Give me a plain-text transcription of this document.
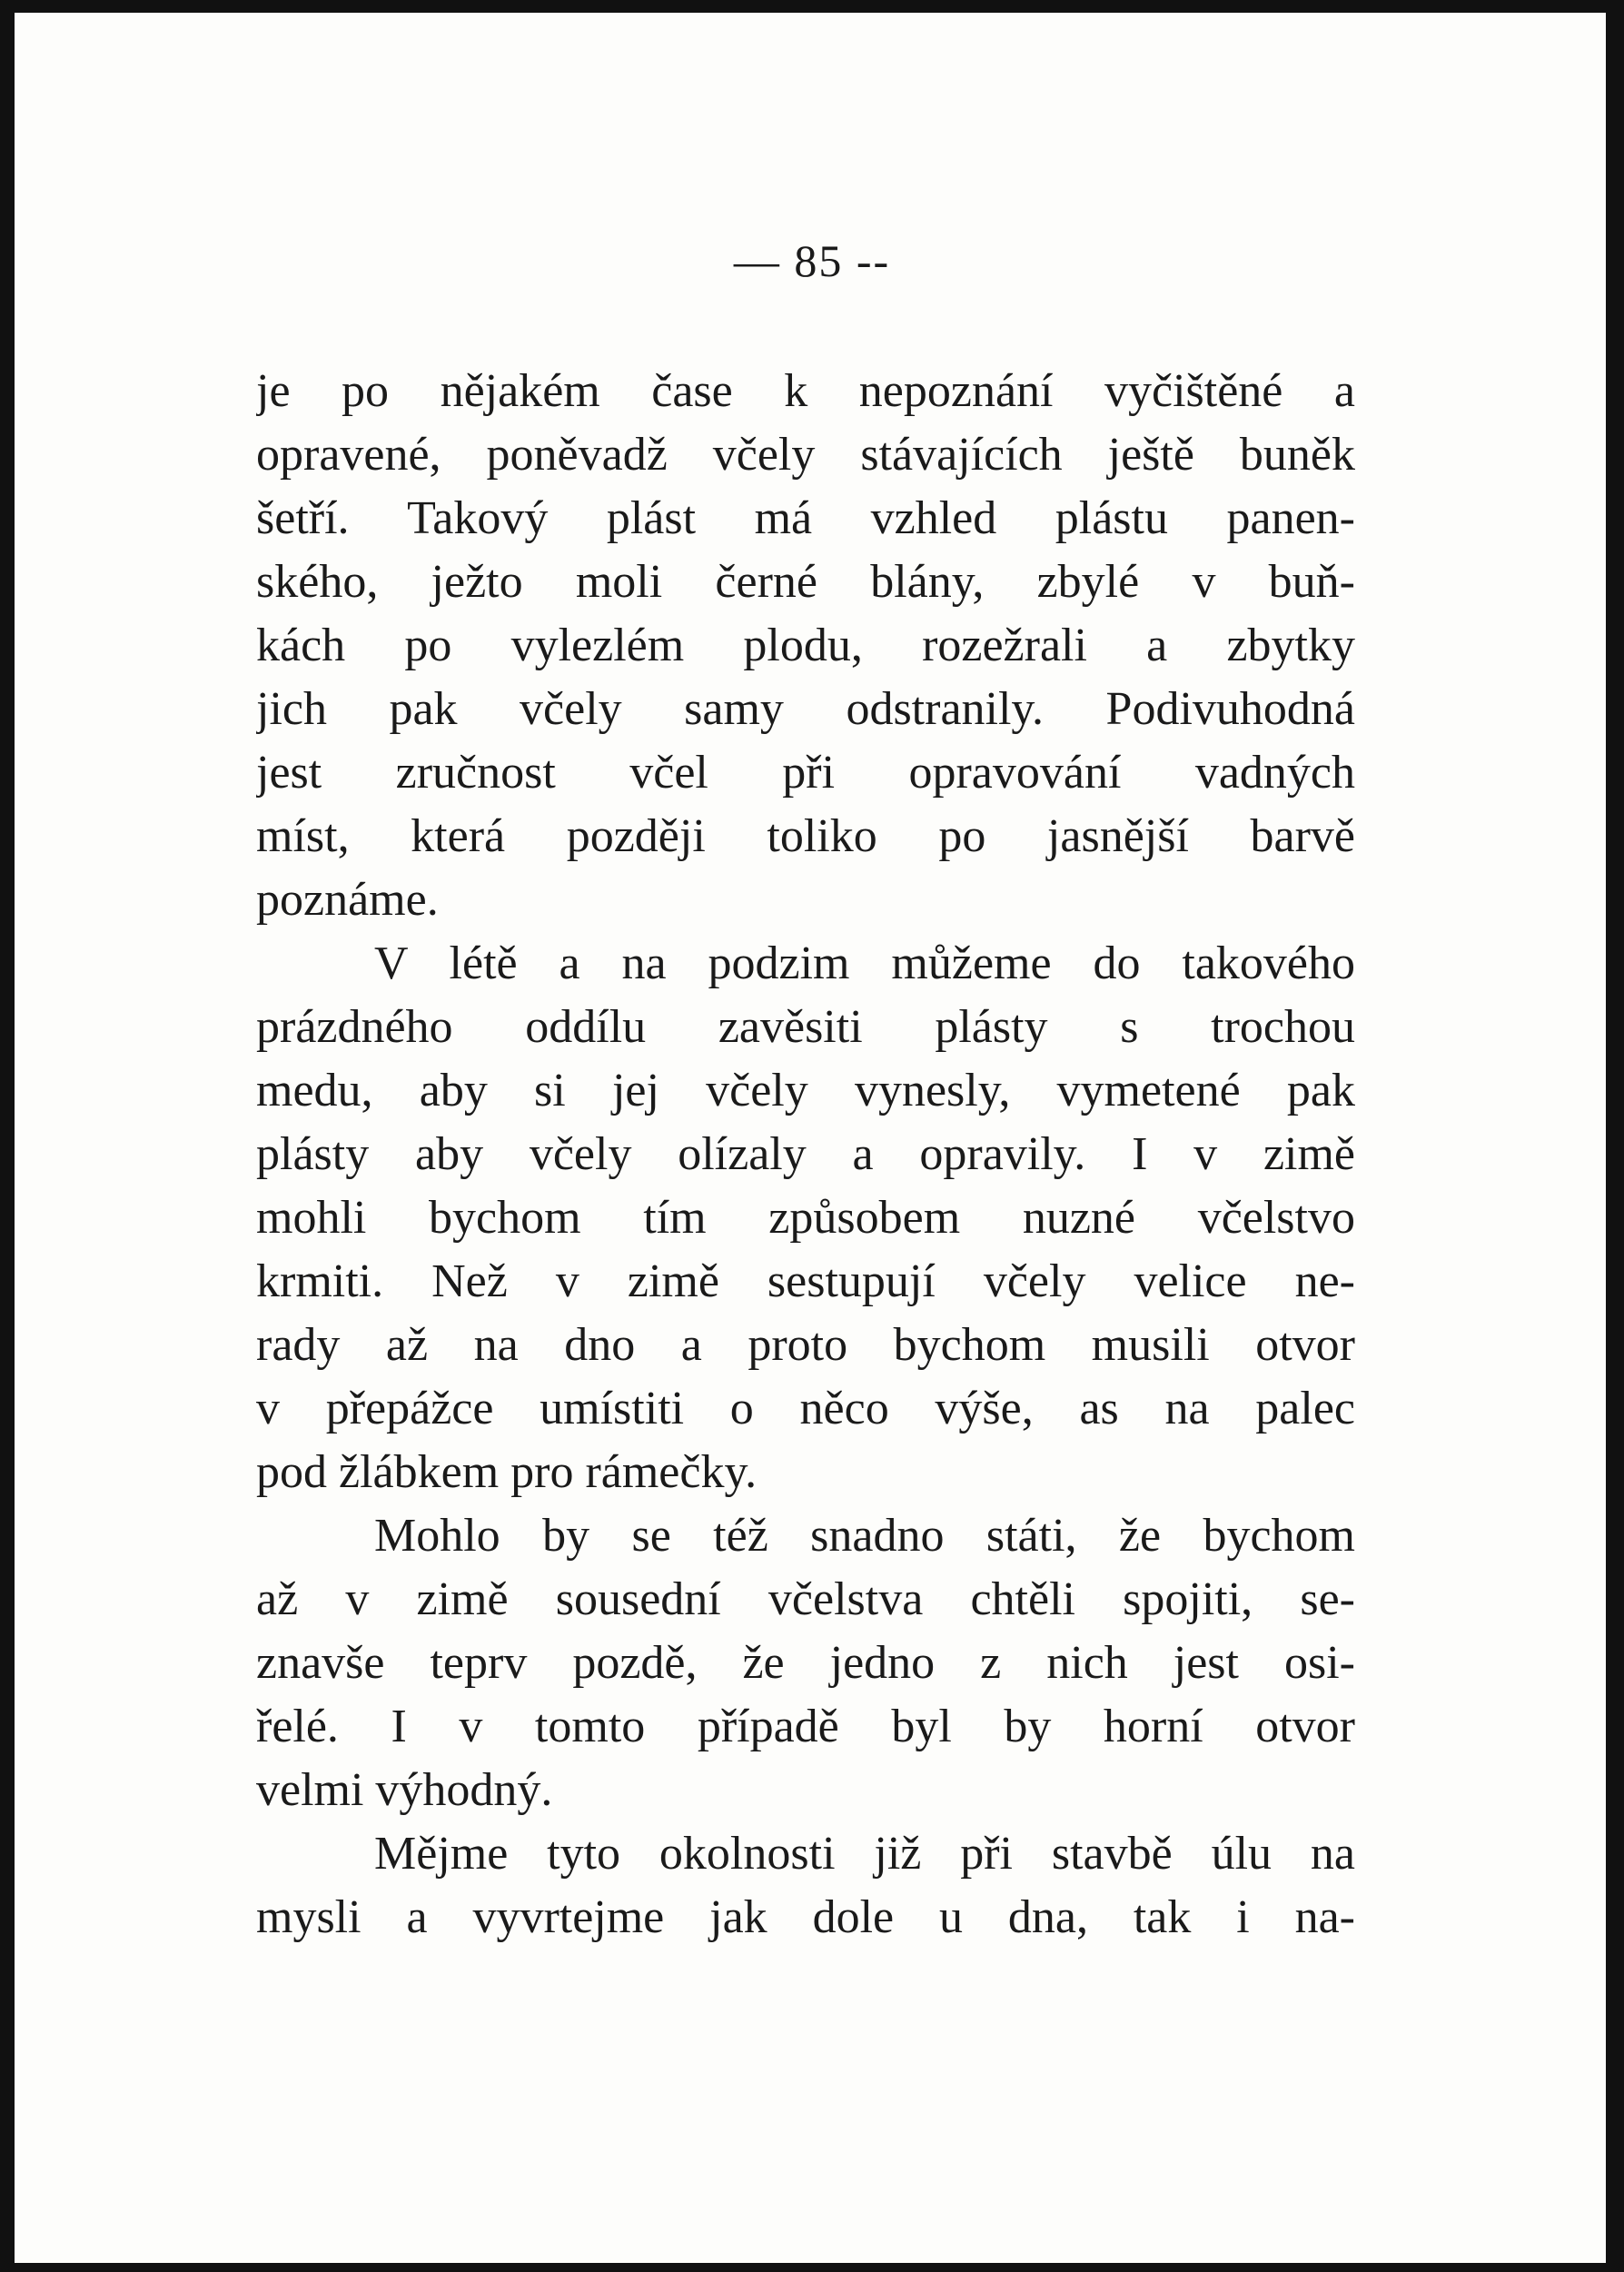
— 85 --
je po nějakém čase k nepoznání vyčištěné a
opravené, poněvadž včely stávajících ještě buněk
šetří. Takový plást má vzhled plástu panen-
ského, ježto moli černé blány, zbylé v buň-
kách po vylezlém plodu, rozežrali a zbytky
jich pak včely samy odstranily. Podivuhodná
jest zručnost včel při opravování vadných
míst, která později toliko po jasnější barvě
poznáme.
V létě a na podzim můžeme do takového
prázdného oddílu zavěsiti plásty s trochou
medu, aby si jej včely vynesly, vymetené pak
plásty aby včely olízaly a opravily. I v zimě
mohli bychom tím způsobem nuzné včelstvo
krmiti. Než v zimě sestupují včely velice ne-
rady až na dno a proto bychom musili otvor
v přepážce umístiti o něco výše, as na palec
pod žlábkem pro rámečky.
Mohlo by se též snadno státi, že bychom
až v zimě sousední včelstva chtěli spojiti, se-
znavše teprv pozdě, že jedno z nich jest osi-
řelé. I v tomto případě byl by horní otvor
velmi výhodný.
Mějme tyto okolnosti již při stavbě úlu na
mysli a vyvrtejme jak dole u dna, tak i na-
